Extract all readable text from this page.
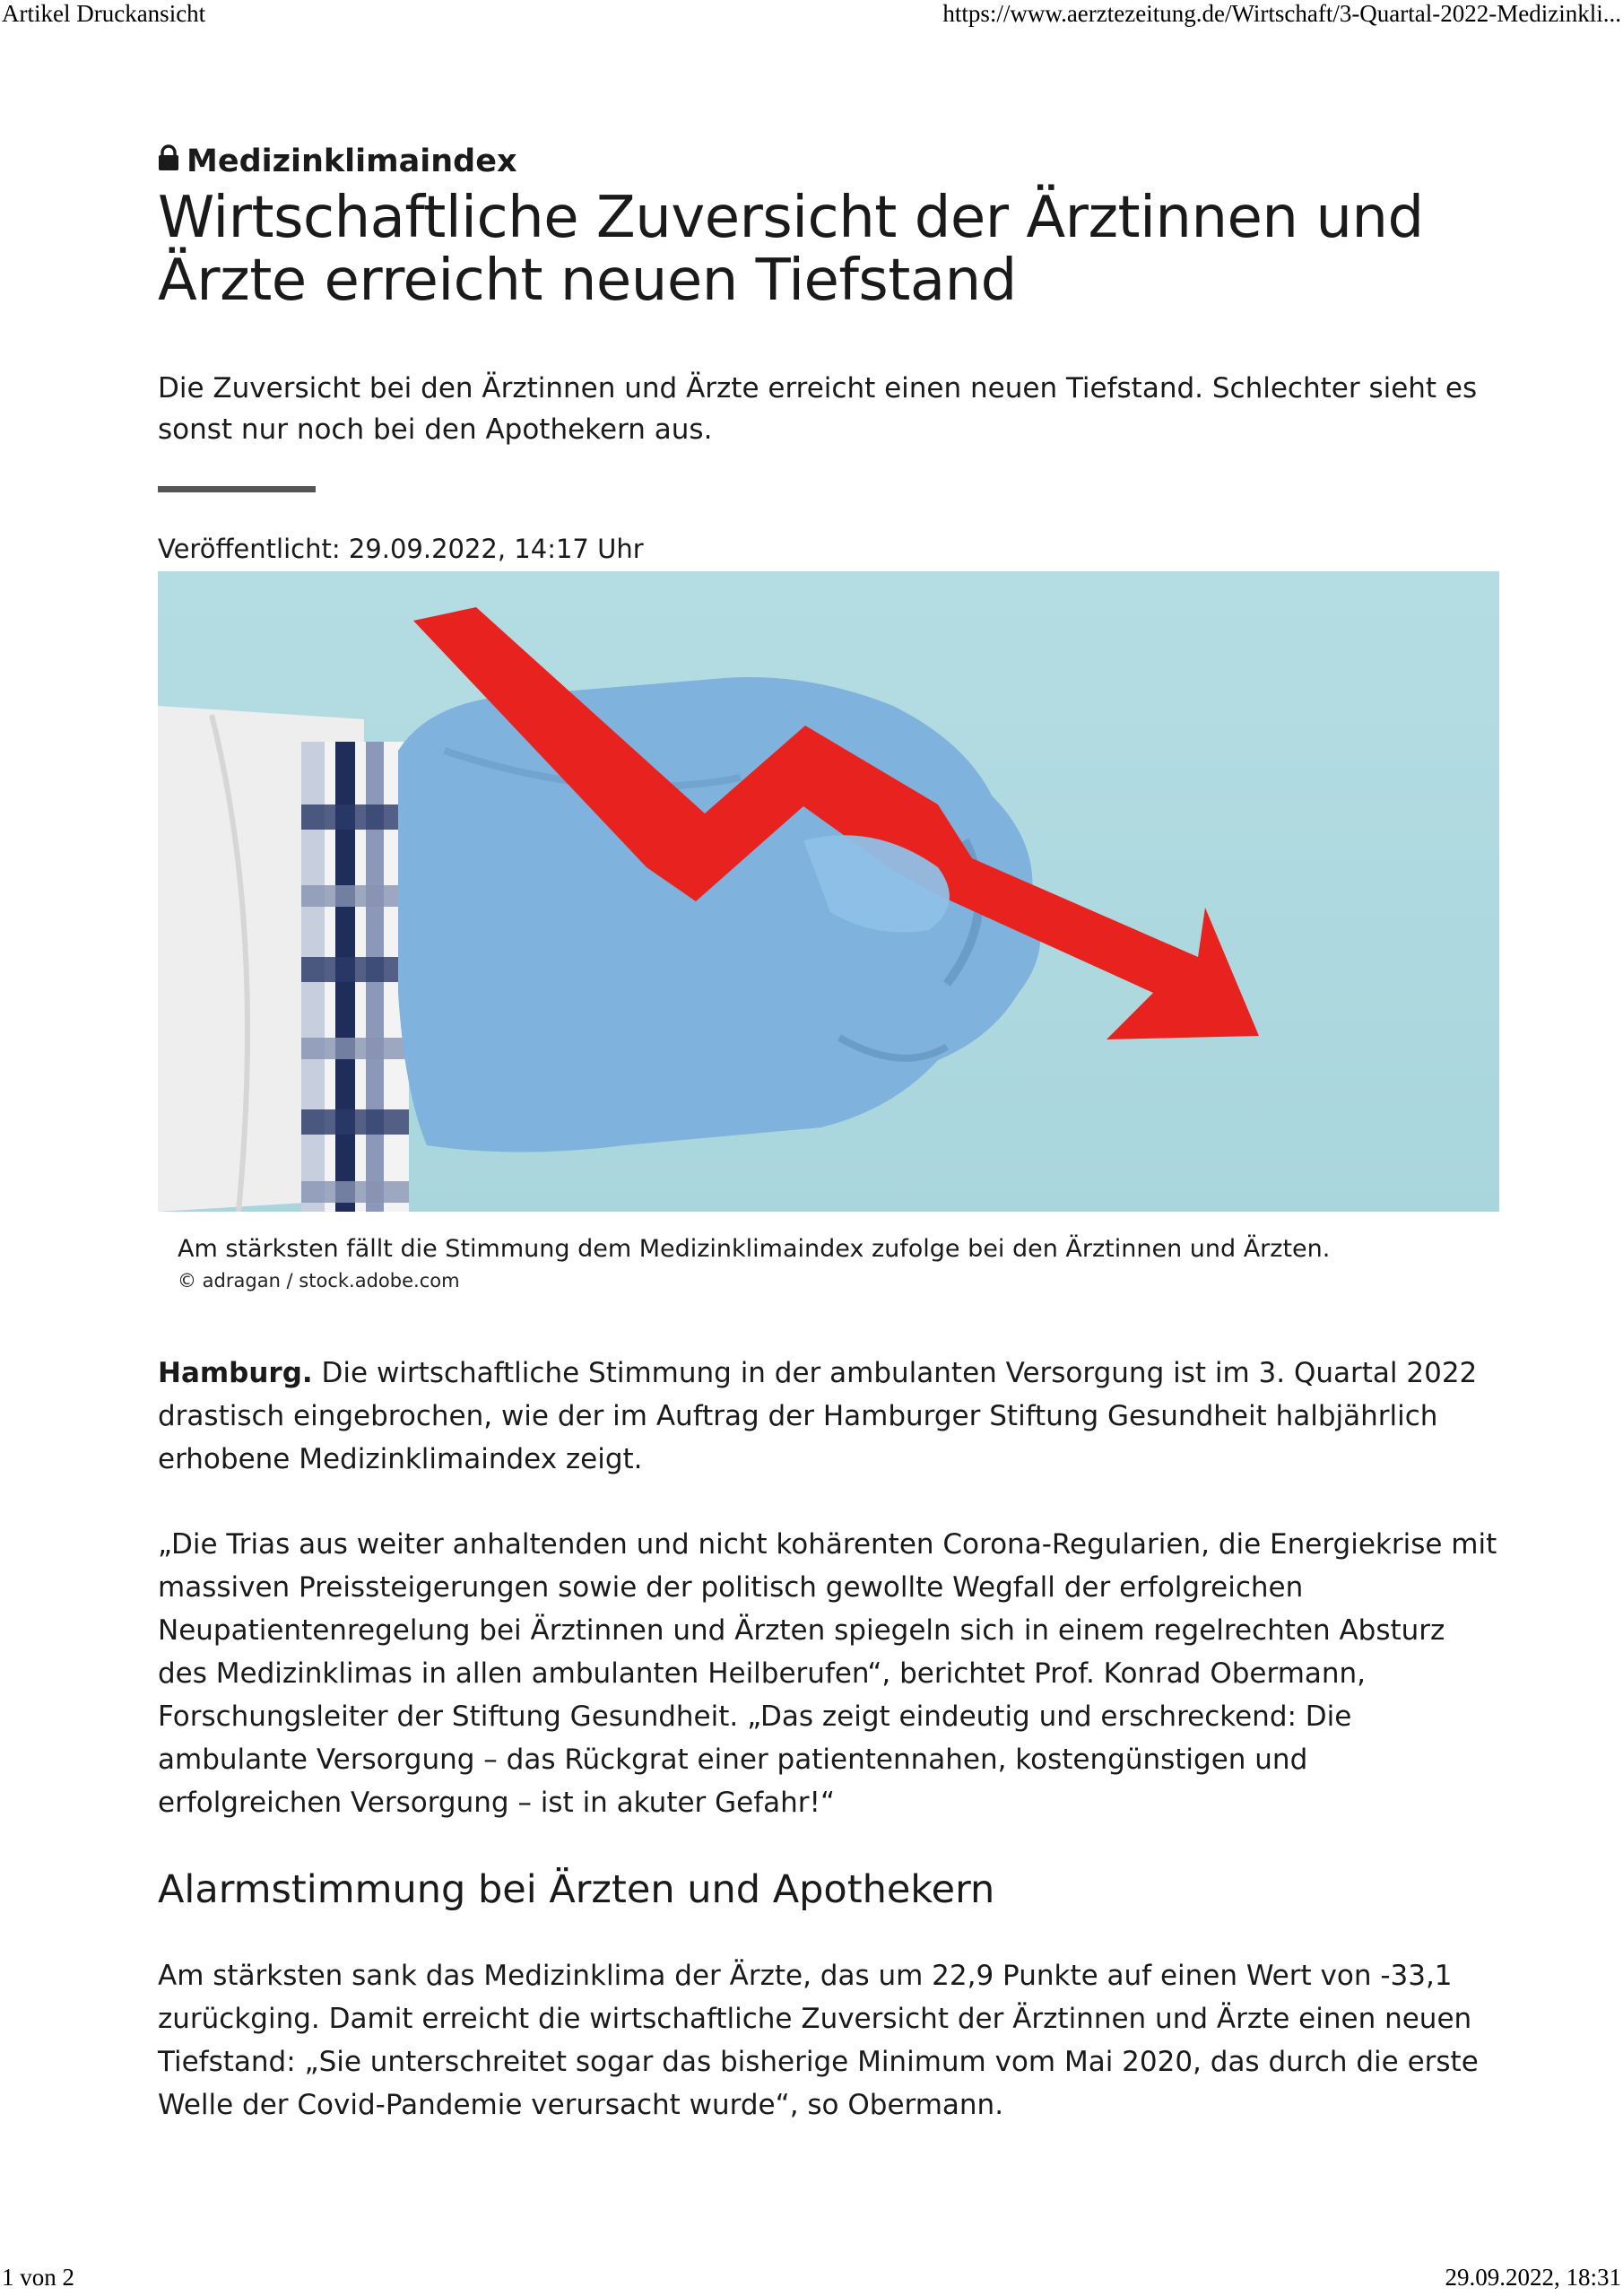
Artikel Druckansicht	https://www.aerztezeitung.de/Wirtschaft/3-Quartal-2022-Medizinkli...
Medizinklimaindex
Wirtschaftliche Zuversicht der Ärztinnen und Ärzte erreicht neuen Tiefstand
Die Zuversicht bei den Ärztinnen und Ärzte erreicht einen neuen Tiefstand. Schlechter sieht es sonst nur noch bei den Apothekern aus.
Veröffentlicht: 29.09.2022, 14:17 Uhr
Am stärksten fällt die Stimmung dem Medizinklimaindex zufolge bei den Ärztinnen und Ärzten.
© adragan / stock.adobe.com

Hamburg. Die wirtschaftliche Stimmung in der ambulanten Versorgung ist im 3. Quartal 2022 drastisch eingebrochen, wie der im Auftrag der Hamburger Stiftung Gesundheit halbjährlich erhobene Medizinklimaindex zeigt.

„Die Trias aus weiter anhaltenden und nicht kohärenten Corona-Regularien, die Energiekrise mit massiven Preissteigerungen sowie der politisch gewollte Wegfall der erfolgreichen Neupatientenregelung bei Ärztinnen und Ärzten spiegeln sich in einem regelrechten Absturz des Medizinklimas in allen ambulanten Heilberufen“, berichtet Prof. Konrad Obermann, Forschungsleiter der Stiftung Gesundheit. „Das zeigt eindeutig und erschreckend: Die ambulante Versorgung – das Rückgrat einer patientennahen, kostengünstigen und erfolgreichen Versorgung – ist in akuter Gefahr!“

Alarmstimmung bei Ärzten und Apothekern

Am stärksten sank das Medizinklima der Ärzte, das um 22,9 Punkte auf einen Wert von -33,1 zurückging. Damit erreicht die wirtschaftliche Zuversicht der Ärztinnen und Ärzte einen neuen Tiefstand: „Sie unterschreitet sogar das bisherige Minimum vom Mai 2020, das durch die erste Welle der Covid-Pandemie verursacht wurde“, so Obermann.

1 von 2	29.09.2022, 18:31
